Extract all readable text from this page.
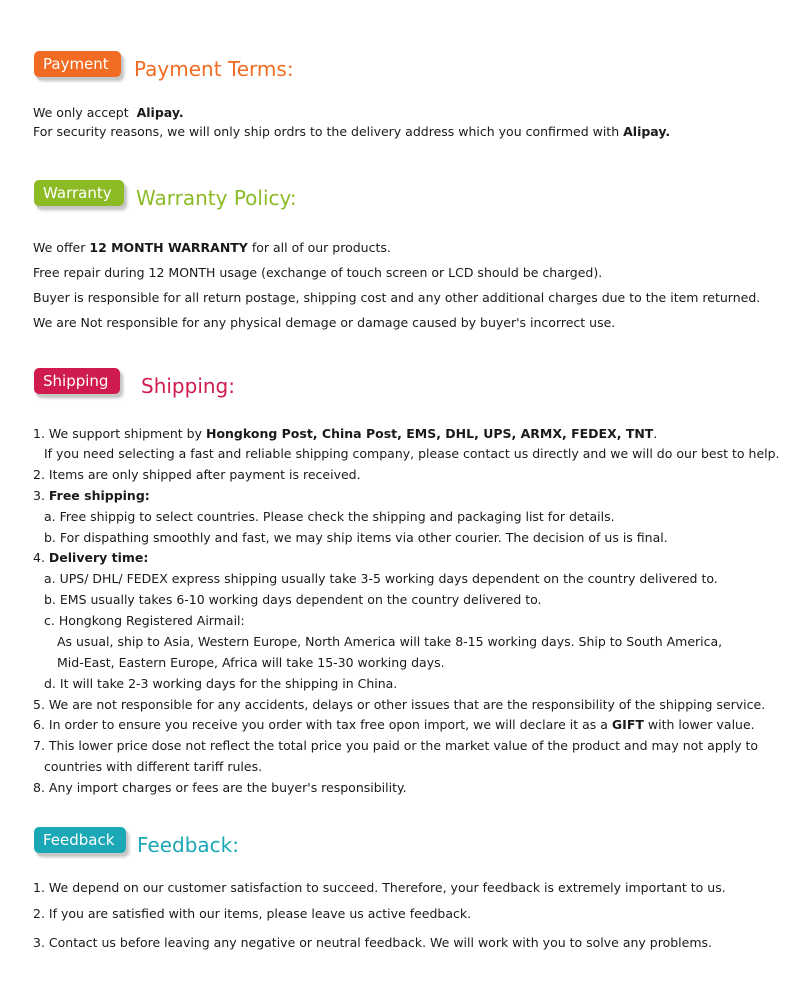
Payment	Payment Terms:
We only accept Alipay.
For security reasons, we will only ship ordrs to the delivery address which you confirmed with Alipay.
Warranty	Warranty Policy:
We offer 12 MONTH WARRANTY for all of our products.
Free repair during 12 MONTH usage (exchange of touch screen or LCD should be charged).
Buyer is responsible for all return postage, shipping cost and any other additional charges due to the item returned.
We are Not responsible for any physical demage or damage caused by buyer's incorrect use.
Shipping	Shipping:
1. We support shipment by Hongkong Post, China Post, EMS, DHL, UPS, ARMX, FEDEX, TNT.
If you need selecting a fast and reliable shipping company, please contact us directly and we will do our best to help.
2. Items are only shipped after payment is received.
3. Free shipping:
a. Free shippig to select countries. Please check the shipping and packaging list for details.
b. For dispathing smoothly and fast, we may ship items via other courier. The decision of us is final.
4. Delivery time:
a. UPS/ DHL/ FEDEX express shipping usually take 3-5 working days dependent on the country delivered to.
b. EMS usually takes 6-10 working days dependent on the country delivered to.
c. Hongkong Registered Airmail:
As usual, ship to Asia, Western Europe, North America will take 8-15 working days. Ship to South America,
Mid-East, Eastern Europe, Africa will take 15-30 working days.
d. It will take 2-3 working days for the shipping in China.
5. We are not responsible for any accidents, delays or other issues that are the responsibility of the shipping service.
6. In order to ensure you receive you order with tax free opon import, we will declare it as a GIFT with lower value.
7. This lower price dose not reflect the total price you paid or the market value of the product and may not apply to
countries with different tariff rules.
8. Any import charges or fees are the buyer's responsibility.
Feedback	Feedback:
1. We depend on our customer satisfaction to succeed. Therefore, your feedback is extremely important to us.
2. If you are satisfied with our items, please leave us active feedback.
3. Contact us before leaving any negative or neutral feedback. We will work with you to solve any problems.
